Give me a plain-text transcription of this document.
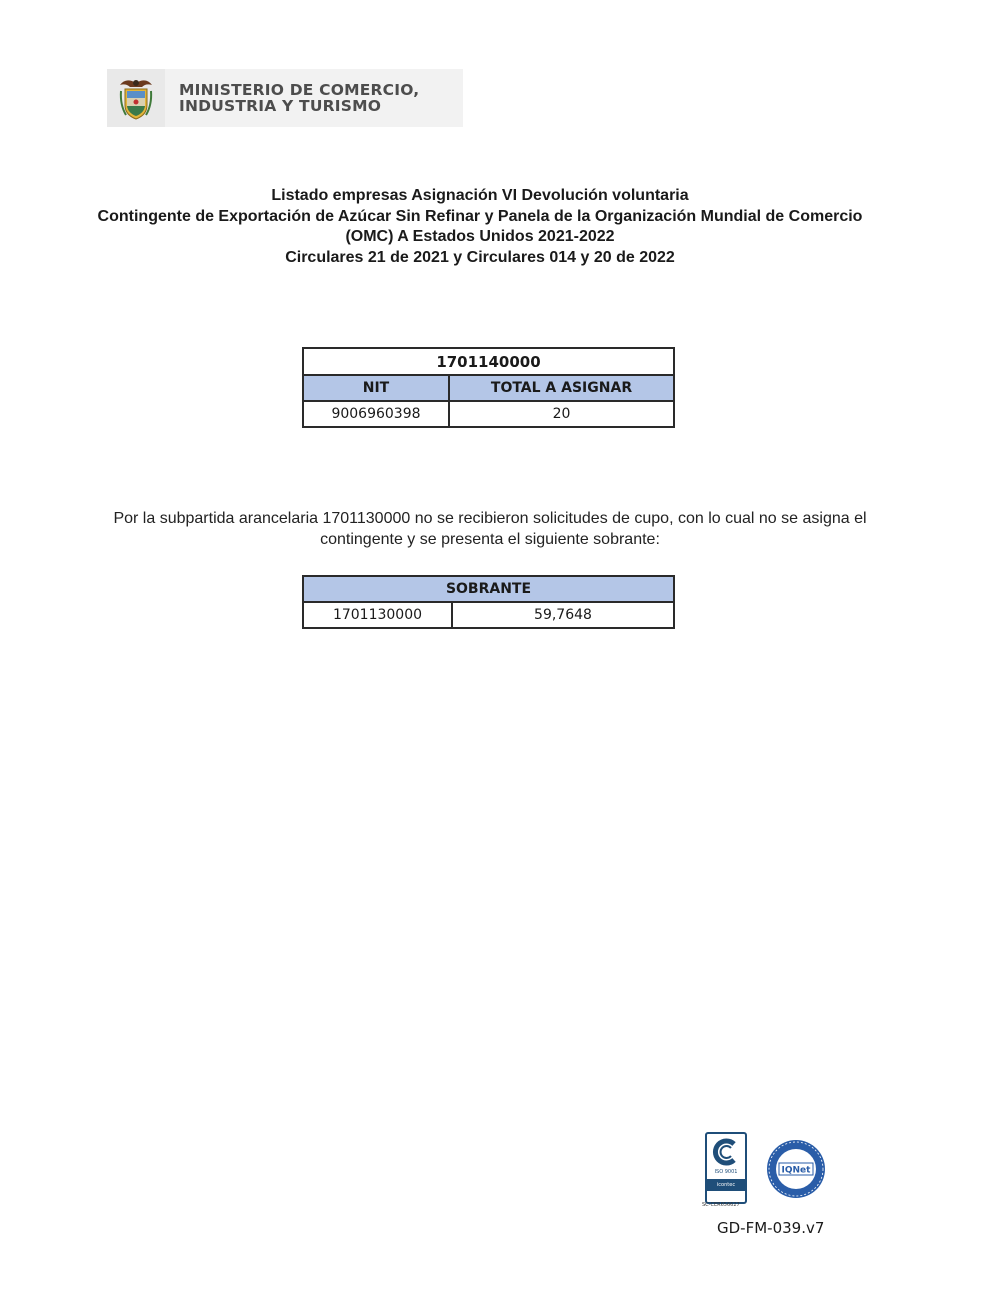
MINISTERIO DE COMERCIO,
INDUSTRIA Y TURISMO
Listado empresas Asignación VI Devolución voluntaria
Contingente de Exportación de Azúcar Sin Refinar y Panela de la Organización Mundial de Comercio
(OMC) A Estados Unidos 2021-2022
Circulares 21 de 2021 y Circulares 014 y 20 de 2022
1701140000	
NIT	TOTAL A ASIGNAR
9006960398	20
Por la subpartida arancelaria 1701130000 no se recibieron solicitudes de cupo, con lo cual no se asigna el
contingente y se presenta el siguiente sobrante:
SOBRANTE
1701130000	59,7648
ISO 9001
icontec
SC-CER656627
IQNet
GD-FM-039.v7
